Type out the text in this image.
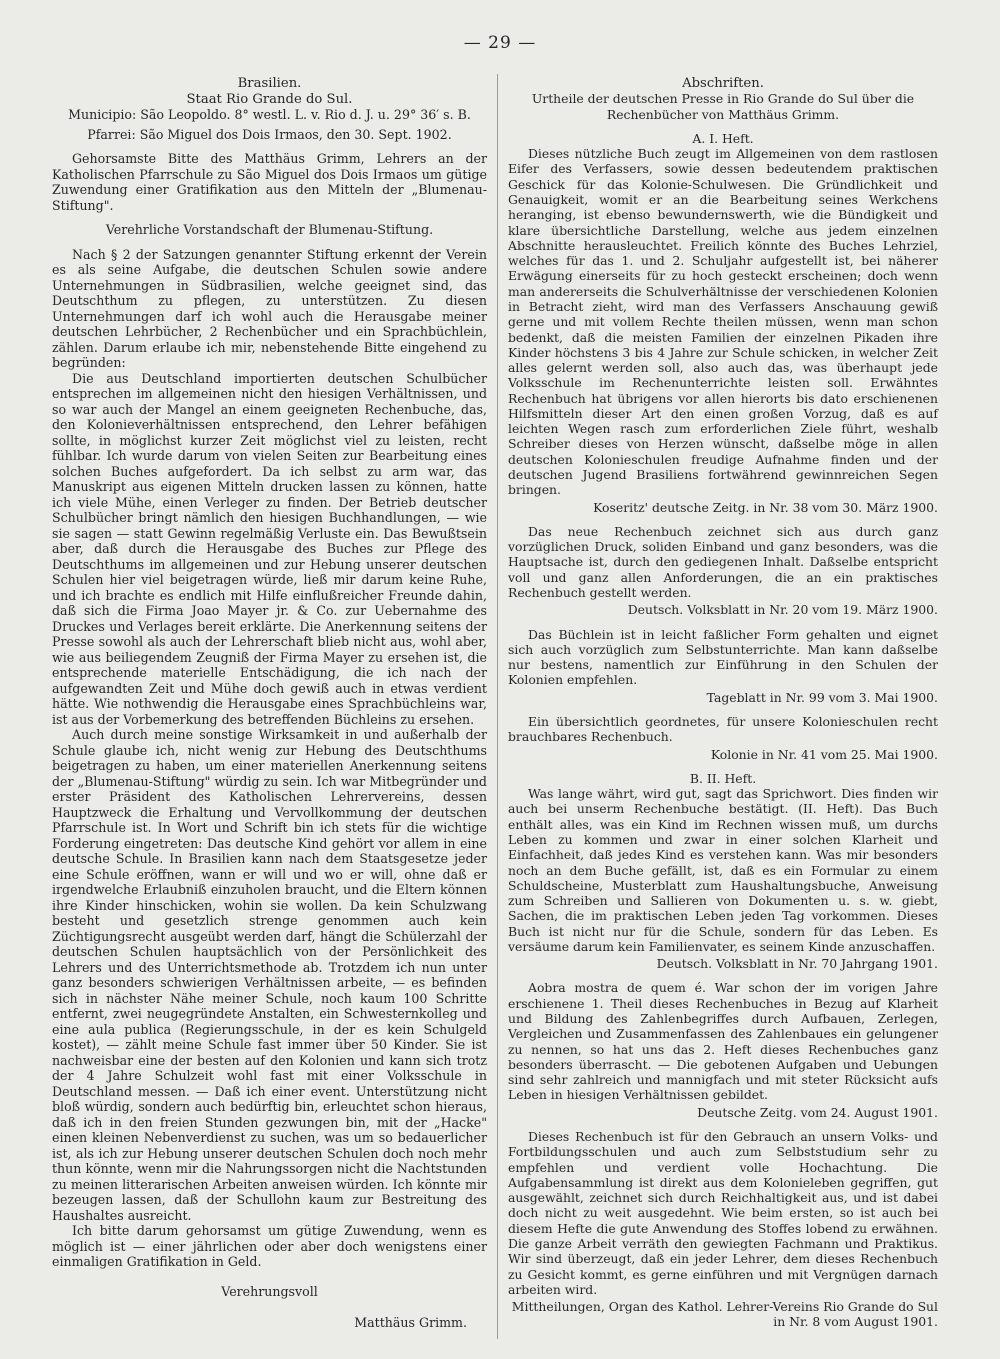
— 29 —

Brasilien.

Staat Rio Grande do Sul.

Municipio: São Leopoldo. 8° westl. L. v. Rio d. J. u. 29° 36′ s. B.

Pfarrei: São Miguel dos Dois Irmaos, den 30. Sept. 1902.

Gehorsamste Bitte des Matthäus Grimm, Lehrers an der Katholischen Pfarrschule zu São Miguel dos Dois Irmaos um gütige Zuwendung einer Gratifikation aus den Mitteln der „Blumenau-Stiftung".

Verehrliche Vorstandschaft der Blumenau-Stiftung.

Nach § 2 der Satzungen genannter Stiftung erkennt der Verein es als seine Aufgabe, die deutschen Schulen sowie andere Unternehmungen in Südbrasilien, welche geeignet sind, das Deutschthum zu pflegen, zu unterstützen. Zu diesen Unternehmungen darf ich wohl auch die Herausgabe meiner deutschen Lehrbücher, 2 Rechenbücher und ein Sprachbüchlein, zählen. Darum erlaube ich mir, nebenstehende Bitte eingehend zu begründen:

Die aus Deutschland importierten deutschen Schulbücher entsprechen im allgemeinen nicht den hiesigen Verhältnissen, und so war auch der Mangel an einem geeigneten Rechenbuche, das, den Kolonieverhältnissen entsprechend, den Lehrer befähigen sollte, in möglichst kurzer Zeit möglichst viel zu leisten, recht fühlbar. Ich wurde darum von vielen Seiten zur Bearbeitung eines solchen Buches aufgefordert. Da ich selbst zu arm war, das Manuskript aus eigenen Mitteln drucken lassen zu können, hatte ich viele Mühe, einen Verleger zu finden. Der Betrieb deutscher Schulbücher bringt nämlich den hiesigen Buchhandlungen, — wie sie sagen — statt Gewinn regelmäßig Verluste ein. Das Bewußtsein aber, daß durch die Herausgabe des Buches zur Pflege des Deutschthums im allgemeinen und zur Hebung unserer deutschen Schulen hier viel beigetragen würde, ließ mir darum keine Ruhe, und ich brachte es endlich mit Hilfe einflußreicher Freunde dahin, daß sich die Firma Joao Mayer jr. & Co. zur Uebernahme des Druckes und Verlages bereit erklärte. Die Anerkennung seitens der Presse sowohl als auch der Lehrerschaft blieb nicht aus, wohl aber, wie aus beiliegendem Zeugniß der Firma Mayer zu ersehen ist, die entsprechende materielle Entschädigung, die ich nach der aufgewandten Zeit und Mühe doch gewiß auch in etwas verdient hätte. Wie nothwendig die Herausgabe eines Sprachbüchleins war, ist aus der Vorbemerkung des betreffenden Büchleins zu ersehen.

Auch durch meine sonstige Wirksamkeit in und außerhalb der Schule glaube ich, nicht wenig zur Hebung des Deutschthums beigetragen zu haben, um einer materiellen Anerkennung seitens der „Blumenau-Stiftung" würdig zu sein. Ich war Mitbegründer und erster Präsident des Katholischen Lehrervereins, dessen Hauptzweck die Erhaltung und Vervollkommung der deutschen Pfarrschule ist. In Wort und Schrift bin ich stets für die wichtige Forderung eingetreten: Das deutsche Kind gehört vor allem in eine deutsche Schule. In Brasilien kann nach dem Staatsgesetze jeder eine Schule eröffnen, wann er will und wo er will, ohne daß er irgendwelche Erlaubniß einzuholen braucht, und die Eltern können ihre Kinder hinschicken, wohin sie wollen. Da kein Schulzwang besteht und gesetzlich strenge genommen auch kein Züchtigungsrecht ausgeübt werden darf, hängt die Schülerzahl der deutschen Schulen hauptsächlich von der Persönlichkeit des Lehrers und des Unterrichtsmethode ab. Trotzdem ich nun unter ganz besonders schwierigen Verhältnissen arbeite, — es befinden sich in nächster Nähe meiner Schule, noch kaum 100 Schritte entfernt, zwei neugegründete Anstalten, ein Schwesternkolleg und eine aula publica (Regierungsschule, in der es kein Schulgeld kostet), — zählt meine Schule fast immer über 50 Kinder. Sie ist nachweisbar eine der besten auf den Kolonien und kann sich trotz der 4 Jahre Schulzeit wohl fast mit einer Volksschule in Deutschland messen. — Daß ich einer event. Unterstützung nicht bloß würdig, sondern auch bedürftig bin, erleuchtet schon hieraus, daß ich in den freien Stunden gezwungen bin, mit der „Hacke" einen kleinen Nebenverdienst zu suchen, was um so bedauerlicher ist, als ich zur Hebung unserer deutschen Schulen doch noch mehr thun könnte, wenn mir die Nahrungssorgen nicht die Nachtstunden zu meinen litterarischen Arbeiten anweisen würden. Ich könnte mir bezeugen lassen, daß der Schullohn kaum zur Bestreitung des Haushaltes ausreicht.

Ich bitte darum gehorsamst um gütige Zuwendung, wenn es möglich ist — einer jährlichen oder aber doch wenigstens einer einmaligen Gratifikation in Geld.

Verehrungsvoll

Matthäus Grimm.

Abschriften.

Urtheile der deutschen Presse in Rio Grande do Sul über die Rechenbücher von Matthäus Grimm.

A. I. Heft.

Dieses nützliche Buch zeugt im Allgemeinen von dem rastlosen Eifer des Verfassers, sowie dessen bedeutendem praktischen Geschick für das Kolonie-Schulwesen. Die Gründlichkeit und Genauigkeit, womit er an die Bearbeitung seines Werkchens heranging, ist ebenso bewundernswerth, wie die Bündigkeit und klare übersichtliche Darstellung, welche aus jedem einzelnen Abschnitte herausleuchtet. Freilich könnte des Buches Lehrziel, welches für das 1. und 2. Schuljahr aufgestellt ist, bei näherer Erwägung einerseits für zu hoch gesteckt erscheinen; doch wenn man andererseits die Schulverhältnisse der verschiedenen Kolonien in Betracht zieht, wird man des Verfassers Anschauung gewiß gerne und mit vollem Rechte theilen müssen, wenn man schon bedenkt, daß die meisten Familien der einzelnen Pikaden ihre Kinder höchstens 3 bis 4 Jahre zur Schule schicken, in welcher Zeit alles gelernt werden soll, also auch das, was überhaupt jede Volksschule im Rechenunterrichte leisten soll. Erwähntes Rechenbuch hat übrigens vor allen hierorts bis dato erschienenen Hilfsmitteln dieser Art den einen großen Vorzug, daß es auf leichten Wegen rasch zum erforderlichen Ziele führt, weshalb Schreiber dieses von Herzen wünscht, daßselbe möge in allen deutschen Kolonieschulen freudige Aufnahme finden und der deutschen Jugend Brasiliens fortwährend gewinnreichen Segen bringen.

Koseritz' deutsche Zeitg. in Nr. 38 vom 30. März 1900.

Das neue Rechenbuch zeichnet sich aus durch ganz vorzüglichen Druck, soliden Einband und ganz besonders, was die Hauptsache ist, durch den gediegenen Inhalt. Daßselbe entspricht voll und ganz allen Anforderungen, die an ein praktisches Rechenbuch gestellt werden.

Deutsch. Volksblatt in Nr. 20 vom 19. März 1900.

Das Büchlein ist in leicht faßlicher Form gehalten und eignet sich auch vorzüglich zum Selbstunterrichte. Man kann daßselbe nur bestens, namentlich zur Einführung in den Schulen der Kolonien empfehlen.

Tageblatt in Nr. 99 vom 3. Mai 1900.

Ein übersichtlich geordnetes, für unsere Kolonieschulen recht brauchbares Rechenbuch.

Kolonie in Nr. 41 vom 25. Mai 1900.

B. II. Heft.

Was lange währt, wird gut, sagt das Sprichwort. Dies finden wir auch bei unserm Rechenbuche bestätigt. (II. Heft). Das Buch enthält alles, was ein Kind im Rechnen wissen muß, um durchs Leben zu kommen und zwar in einer solchen Klarheit und Einfachheit, daß jedes Kind es verstehen kann. Was mir besonders noch an dem Buche gefällt, ist, daß es ein Formular zu einem Schuldscheine, Musterblatt zum Haushaltungsbuche, Anweisung zum Schreiben und Sallieren von Dokumenten u. s. w. giebt, Sachen, die im praktischen Leben jeden Tag vorkommen. Dieses Buch ist nicht nur für die Schule, sondern für das Leben. Es versäume darum kein Familienvater, es seinem Kinde anzuschaffen.

Deutsch. Volksblatt in Nr. 70 Jahrgang 1901.

Aobra mostra de quem é. War schon der im vorigen Jahre erschienene 1. Theil dieses Rechenbuches in Bezug auf Klarheit und Bildung des Zahlenbegriffes durch Aufbauen, Zerlegen, Vergleichen und Zusammenfassen des Zahlenbaues ein gelungener zu nennen, so hat uns das 2. Heft dieses Rechenbuches ganz besonders überrascht. — Die gebotenen Aufgaben und Uebungen sind sehr zahlreich und mannigfach und mit steter Rücksicht aufs Leben in hiesigen Verhältnissen gebildet.

Deutsche Zeitg. vom 24. August 1901.

Dieses Rechenbuch ist für den Gebrauch an unsern Volks- und Fortbildungsschulen und auch zum Selbststudium sehr zu empfehlen und verdient volle Hochachtung. Die Aufgabensammlung ist direkt aus dem Kolonieleben gegriffen, gut ausgewählt, zeichnet sich durch Reichhaltigkeit aus, und ist dabei doch nicht zu weit ausgedehnt. Wie beim ersten, so ist auch bei diesem Hefte die gute Anwendung des Stoffes lobend zu erwähnen. Die ganze Arbeit verräth den gewiegten Fachmann und Praktikus. Wir sind überzeugt, daß ein jeder Lehrer, dem dieses Rechenbuch zu Gesicht kommt, es gerne einführen und mit Vergnügen darnach arbeiten wird.

Mittheilungen, Organ des Kathol. Lehrer-Vereins Rio Grande do Sul in Nr. 8 vom August 1901.
